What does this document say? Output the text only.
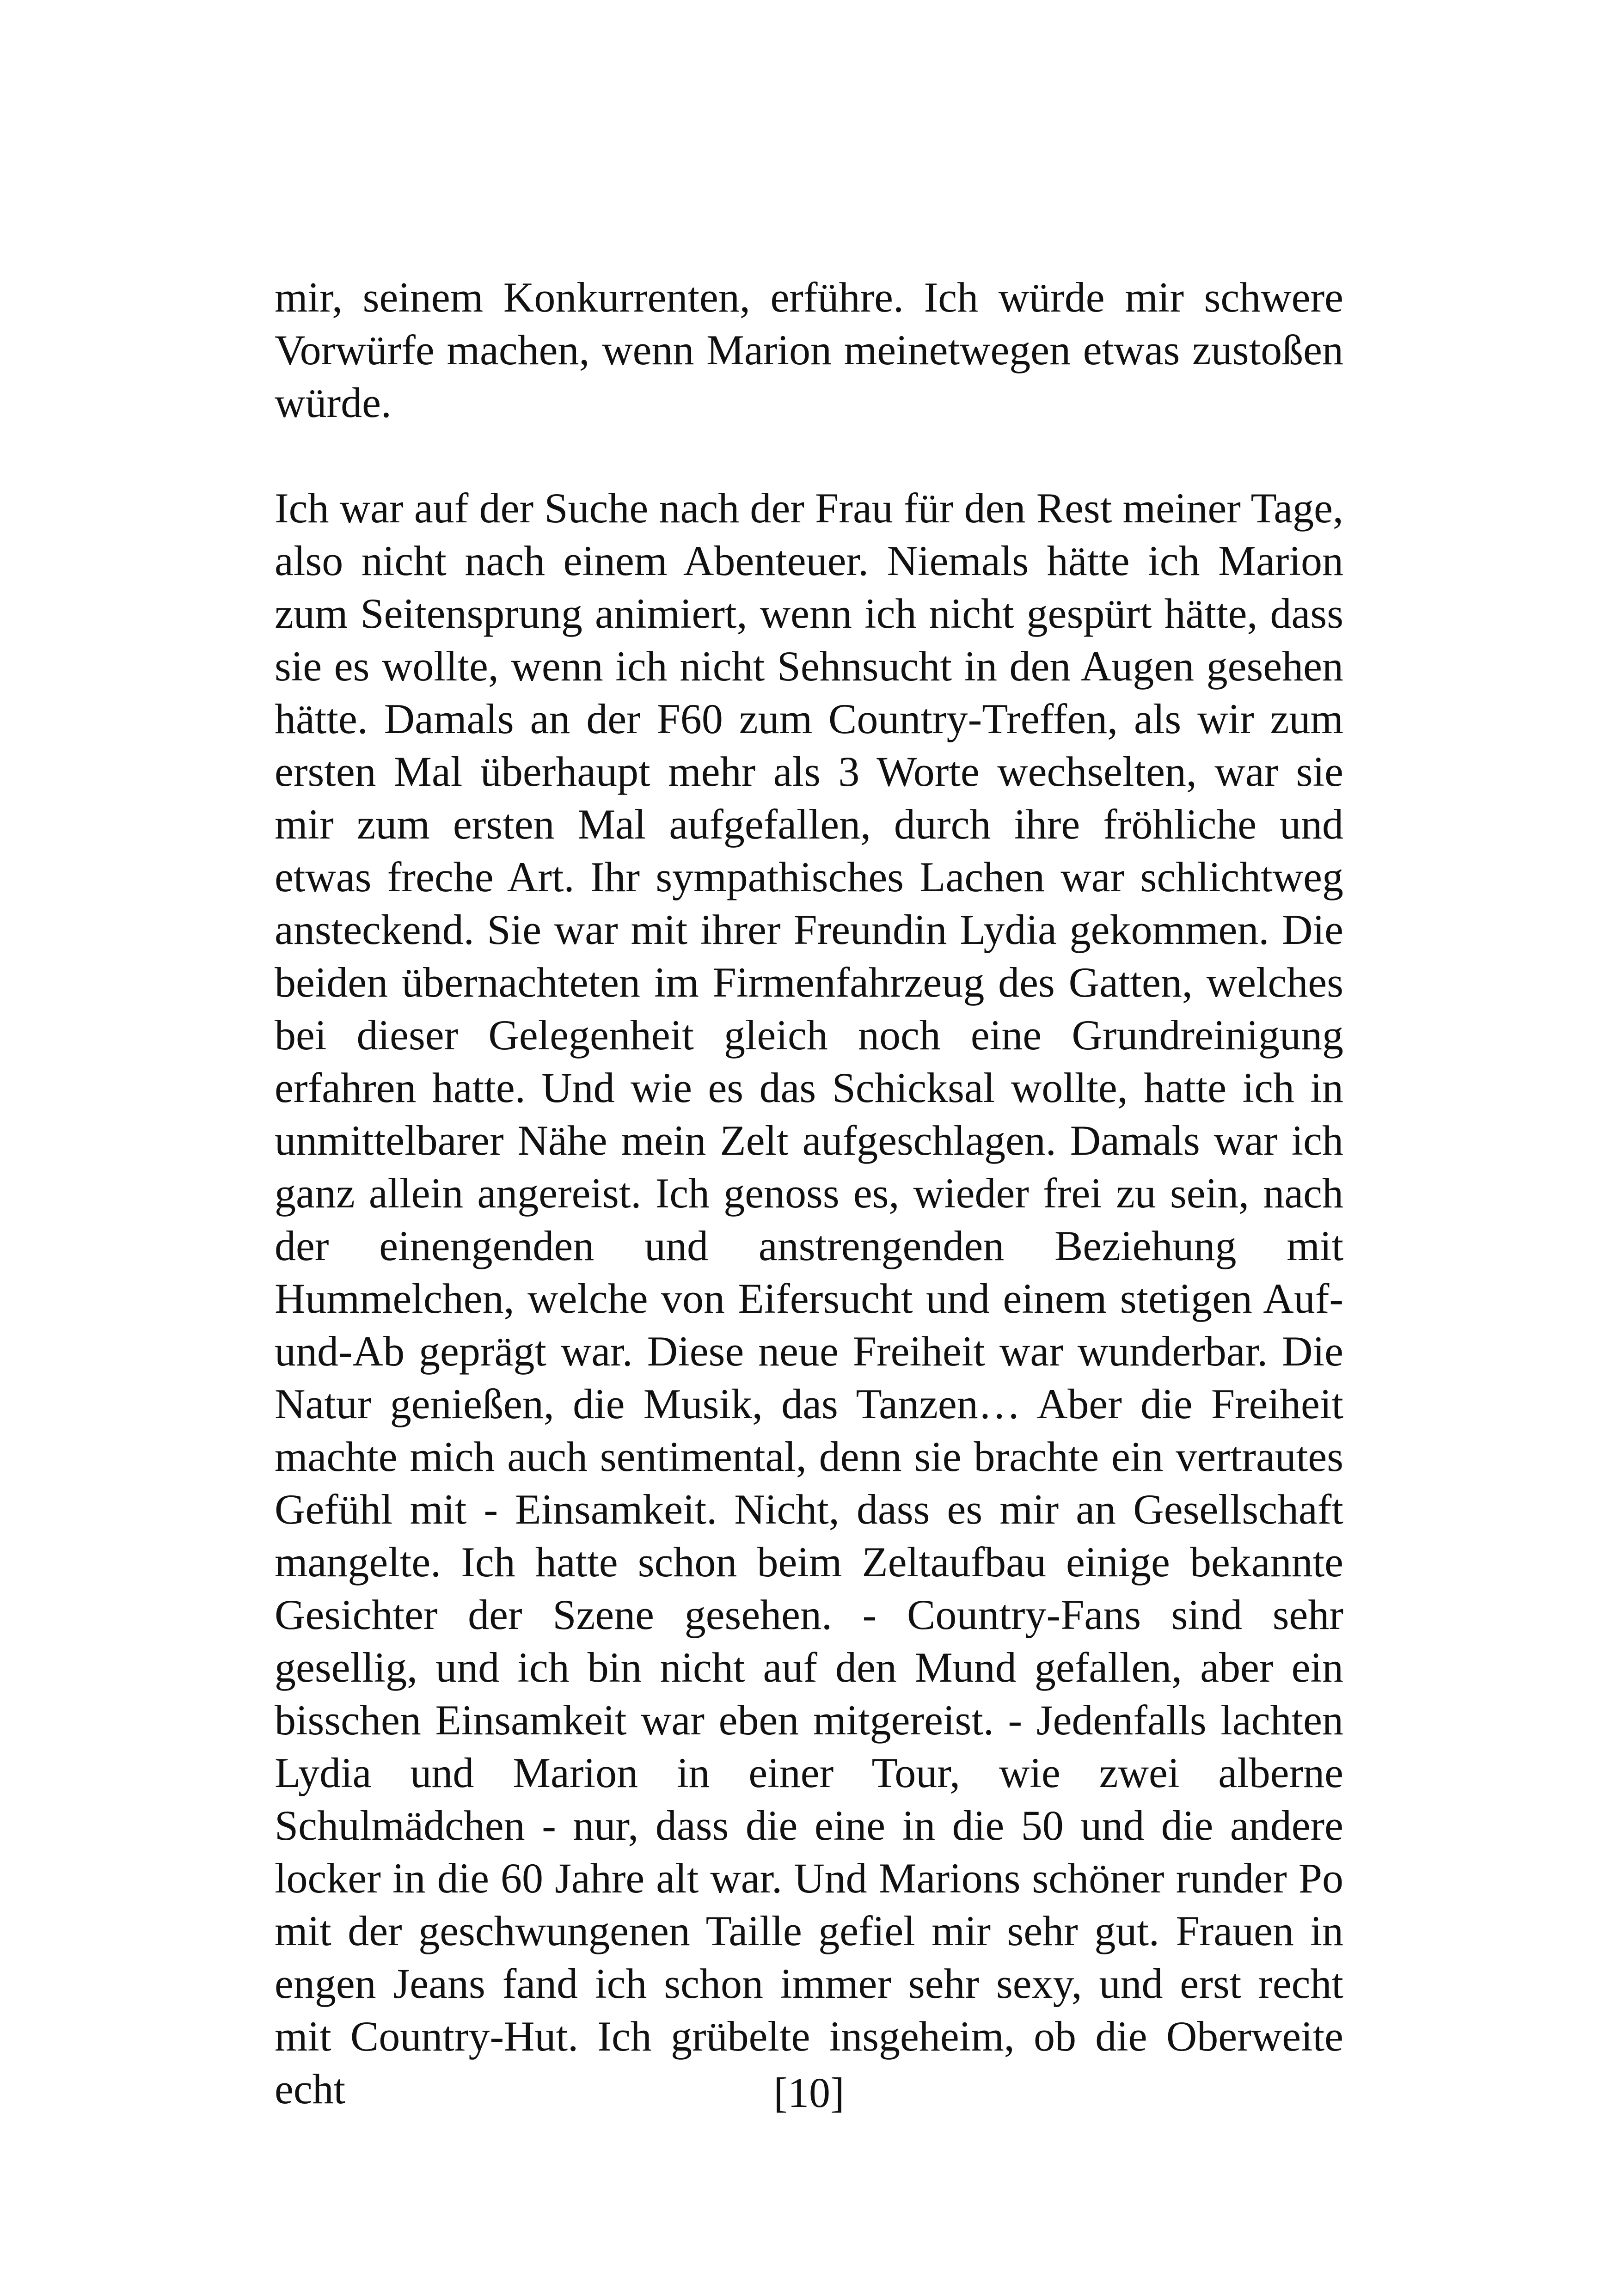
mir, seinem Konkurrenten, erführe. Ich würde mir schwere Vorwürfe machen, wenn Marion meinetwegen etwas zustoßen würde.

Ich war auf der Suche nach der Frau für den Rest meiner Tage, also nicht nach einem Abenteuer. Niemals hätte ich Marion zum Seitensprung animiert, wenn ich nicht gespürt hätte, dass sie es wollte, wenn ich nicht Sehnsucht in den Augen gesehen hätte. Damals an der F60 zum Country-Treffen, als wir zum ersten Mal überhaupt mehr als 3 Worte wechselten, war sie mir zum ersten Mal aufgefallen, durch ihre fröhliche und etwas freche Art. Ihr sympathisches Lachen war schlichtweg ansteckend. Sie war mit ihrer Freundin Lydia gekommen. Die beiden übernachteten im Firmenfahrzeug des Gatten, welches bei dieser Gelegenheit gleich noch eine Grundreinigung erfahren hatte. Und wie es das Schicksal wollte, hatte ich in unmittelbarer Nähe mein Zelt aufgeschlagen. Damals war ich ganz allein angereist. Ich genoss es, wieder frei zu sein, nach der einengenden und anstrengenden Beziehung mit Hummelchen, welche von Eifersucht und einem stetigen Auf- und-Ab geprägt war. Diese neue Freiheit war wunderbar. Die Natur genießen, die Musik, das Tanzen… Aber die Freiheit machte mich auch sentimental, denn sie brachte ein vertrautes Gefühl mit - Einsamkeit. Nicht, dass es mir an Gesellschaft mangelte. Ich hatte schon beim Zeltaufbau einige bekannte Gesichter der Szene gesehen. - Country-Fans sind sehr gesellig, und ich bin nicht auf den Mund gefallen, aber ein bisschen Einsamkeit war eben mitgereist. - Jedenfalls lachten Lydia und Marion in einer Tour, wie zwei alberne Schulmädchen - nur, dass die eine in die 50 und die andere locker in die 60 Jahre alt war. Und Marions schöner runder Po mit der geschwungenen Taille gefiel mir sehr gut. Frauen in engen Jeans fand ich schon immer sehr sexy, und erst recht mit Country-Hut. Ich grübelte insgeheim, ob die Oberweite echt	[10]
